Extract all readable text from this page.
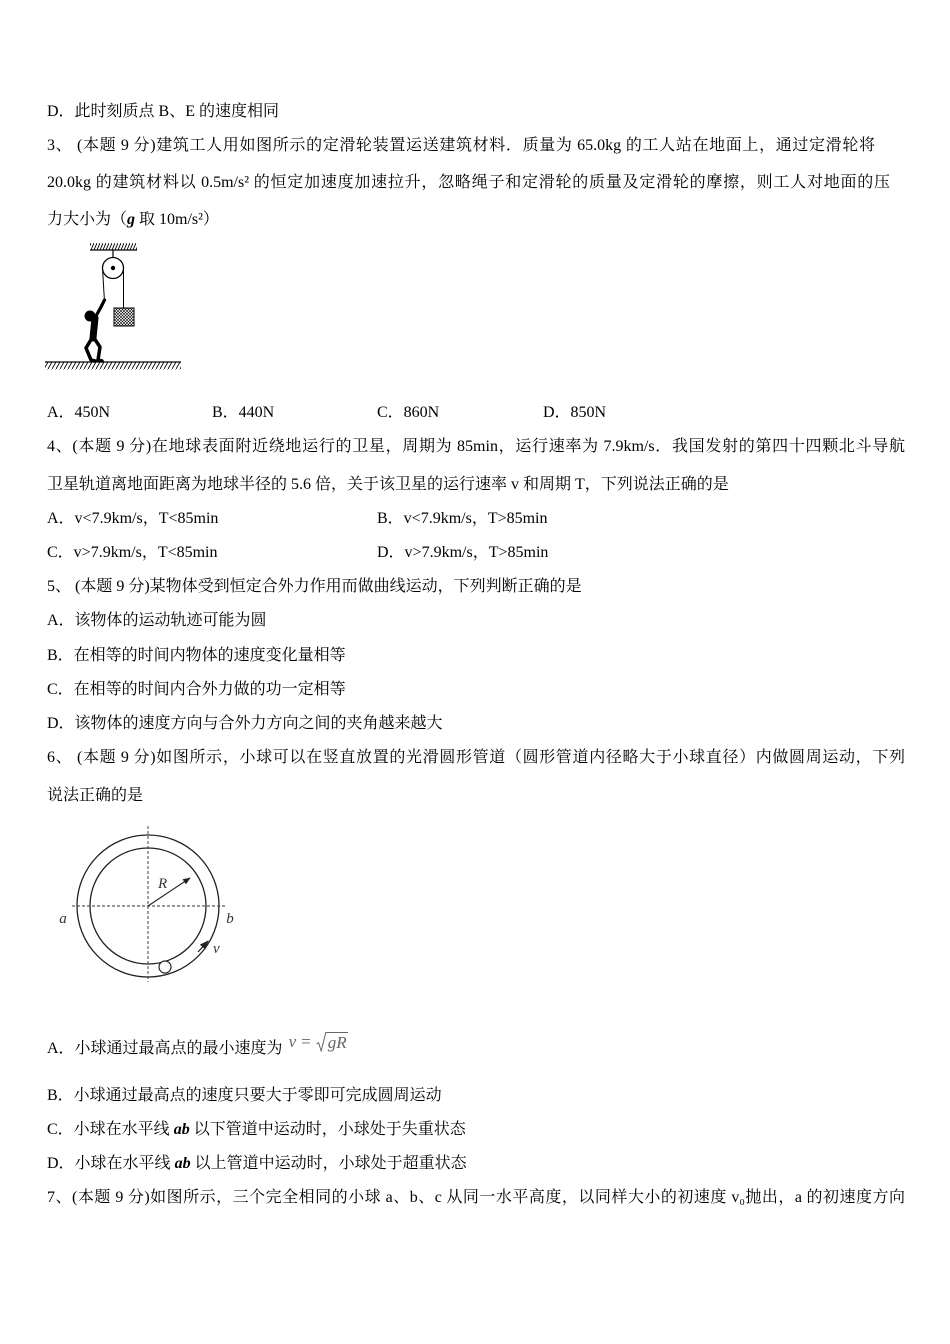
D．此时刻质点 B、E 的速度相同
3、 (本题 9 分)建筑工人用如图所示的定滑轮装置运送建筑材料．质量为 65.0kg 的工人站在地面上，通过定滑轮将
20.0kg 的建筑材料以 0.5m/s² 的恒定加速度加速拉升，忽略绳子和定滑轮的质量及定滑轮的摩擦，则工人对地面的压
力大小为（g 取 10m/s²）
A．450N	B．440N	C．860N	D．850N
4、(本题 9 分)在地球表面附近绕地运行的卫星，周期为 85min，运行速率为 7.9km/s．我国发射的第四十四颗北斗导航
卫星轨道离地面距离为地球半径的 5.6 倍，关于该卫星的运行速率 v 和周期 T，下列说法正确的是
A．v<7.9km/s，T<85min	B．v<7.9km/s，T>85min
C．v>7.9km/s，T<85min	D．v>7.9km/s，T>85min
5、 (本题 9 分)某物体受到恒定合外力作用而做曲线运动，下列判断正确的是
A．该物体的运动轨迹可能为圆
B．在相等的时间内物体的速度变化量相等
C．在相等的时间内合外力做的功一定相等
D．该物体的速度方向与合外力方向之间的夹角越来越大
6、 (本题 9 分)如图所示，小球可以在竖直放置的光滑圆形管道（圆形管道内径略大于小球直径）内做圆周运动，下列
说法正确的是
R
a	b
v
A．小球通过最高点的最小速度为 v = gR
B．小球通过最高点的速度只要大于零即可完成圆周运动
C．小球在水平线 ab 以下管道中运动时，小球处于失重状态
D．小球在水平线 ab 以上管道中运动时，小球处于超重状态
7、(本题 9 分)如图所示，三个完全相同的小球 a、b、c 从同一水平高度，以同样大小的初速度 v₀抛出，a 的初速度方向
